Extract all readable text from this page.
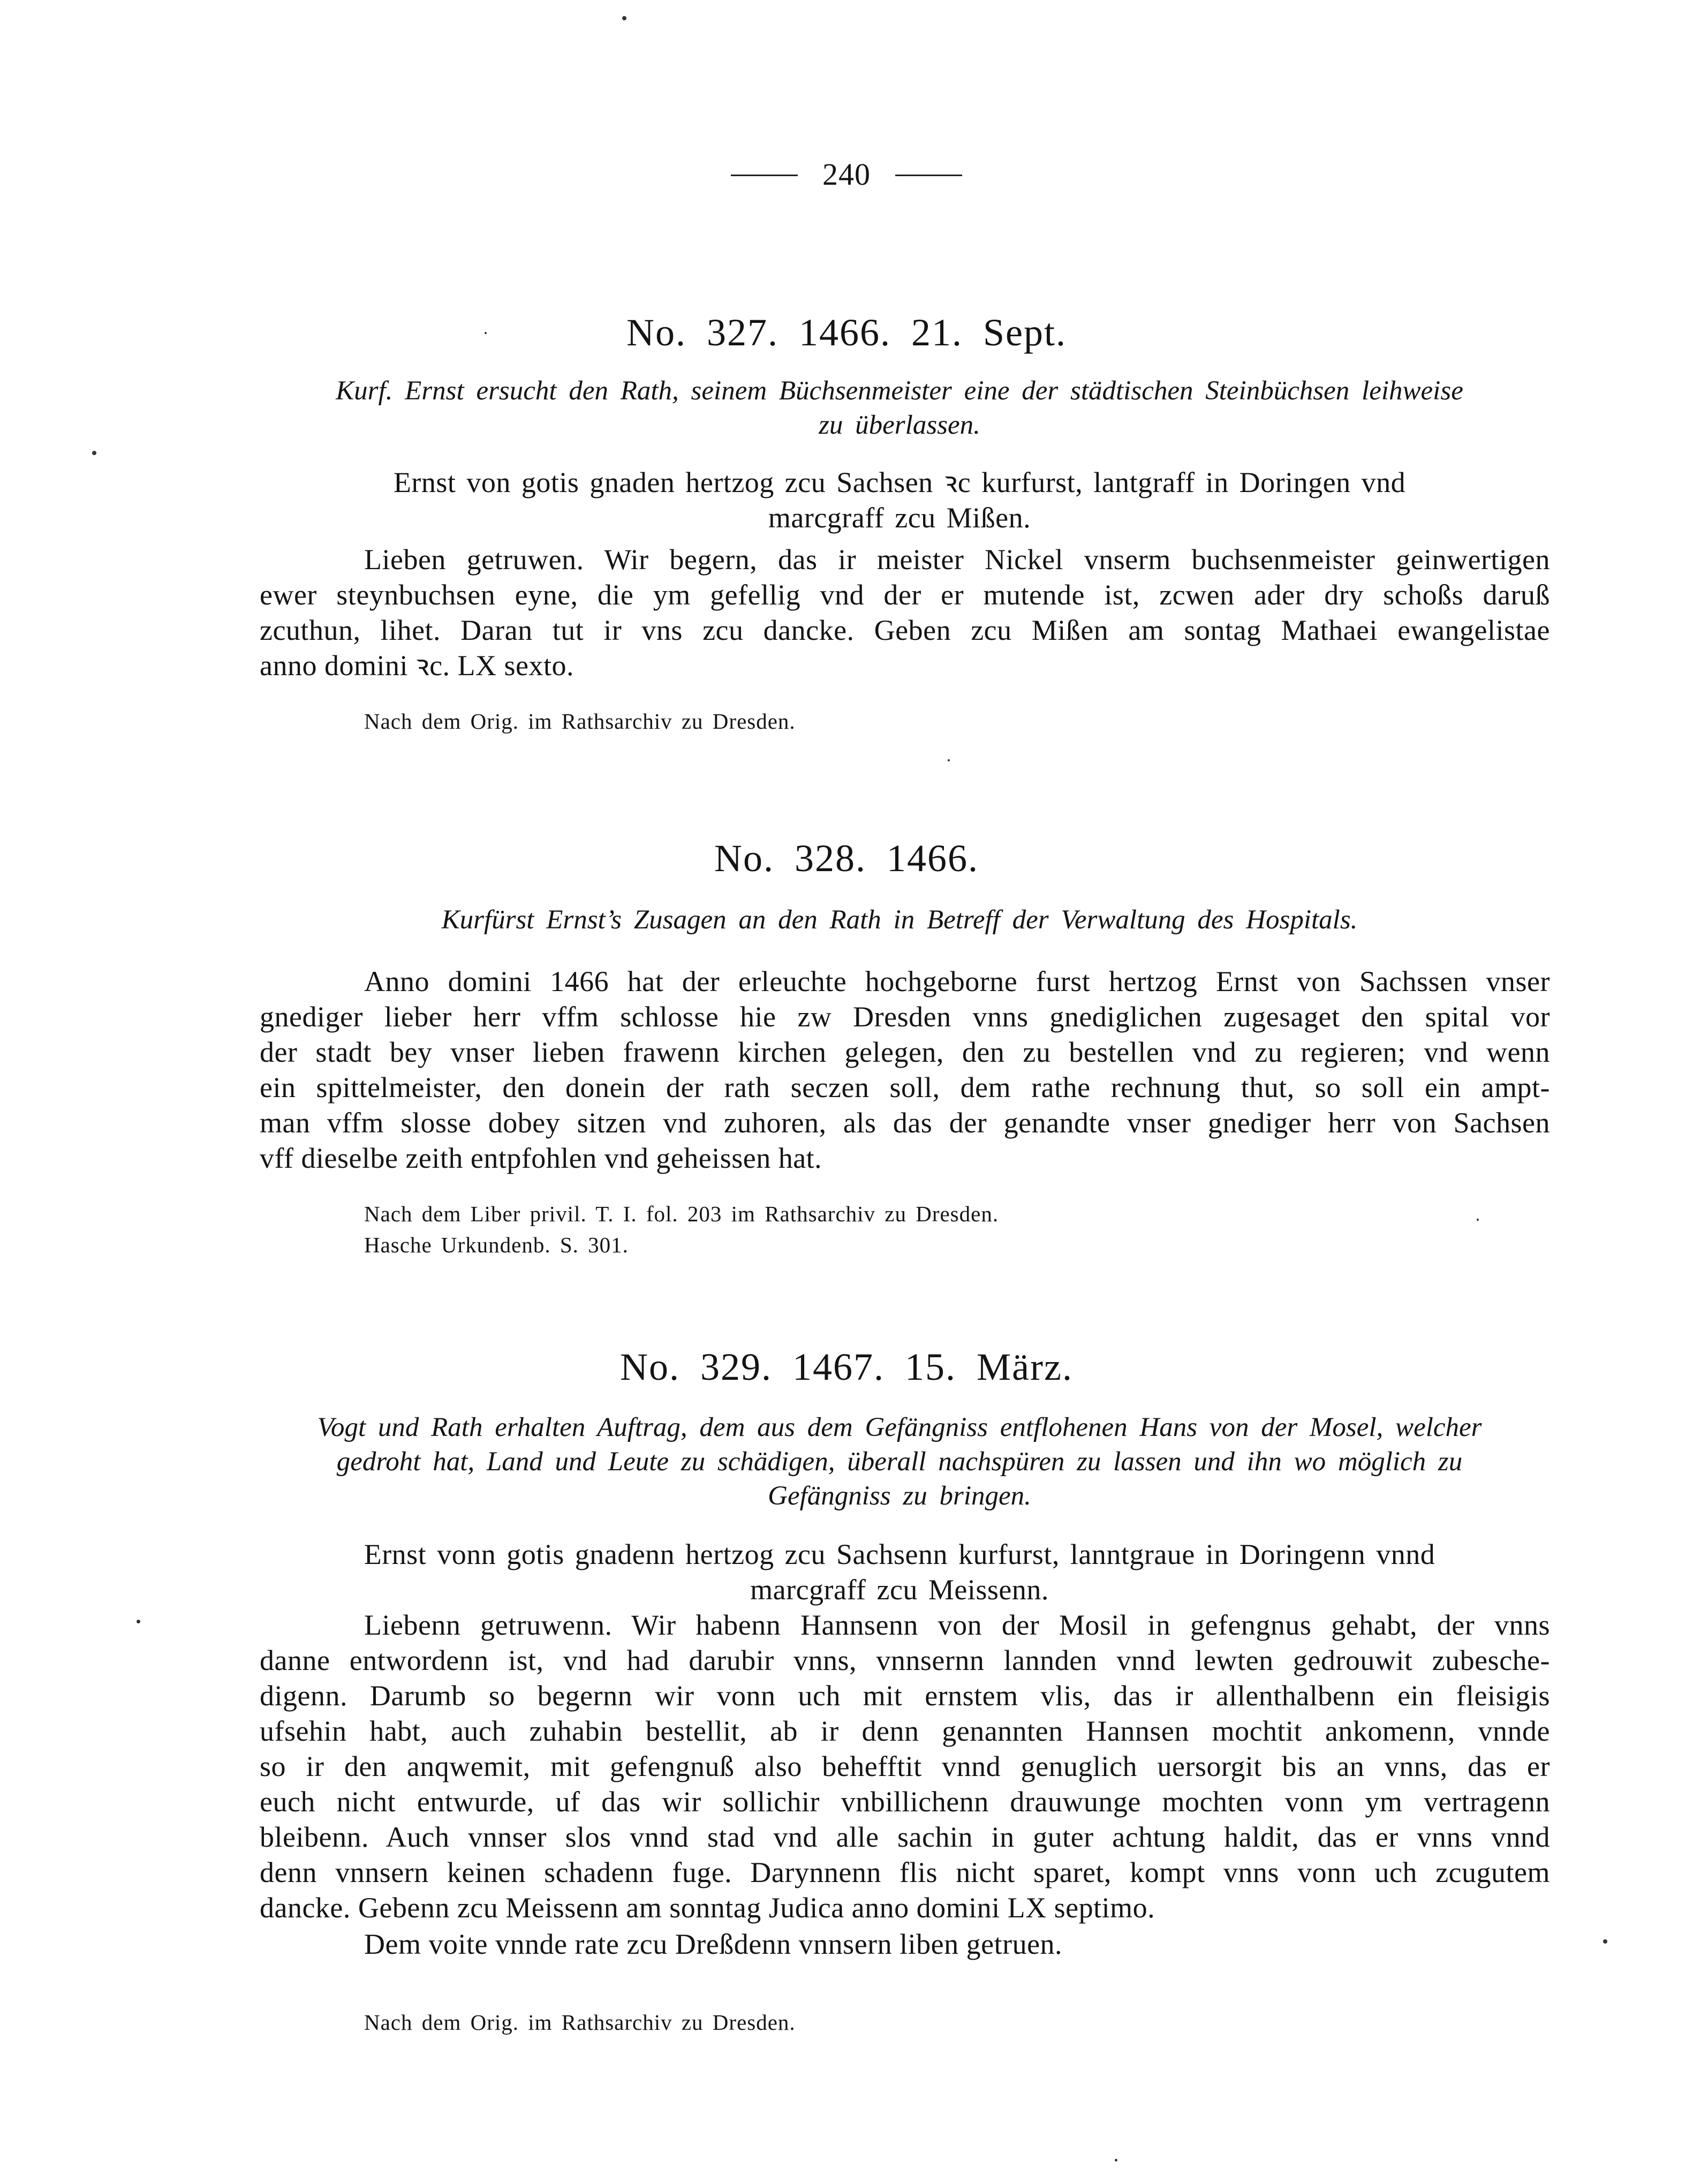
240
No. 327. 1466. 21. Sept.
Kurf. Ernst ersucht den Rath, seinem Büchsenmeister eine der städtischen Steinbüchsen leihweise
zu überlassen.
Ernst von gotis gnaden hertzog zcu Sachsen ꝛc kurfurst, lantgraff in Doringen vnd
marcgraff zcu Mißen.
Lieben getruwen. Wir begern, das ir meister Nickel vnserm buchsenmeister geinwertigen
ewer steynbuchsen eyne, die ym gefellig vnd der er mutende ist, zcwen ader dry schoßs daruß
zcuthun, lihet. Daran tut ir vns zcu dancke. Geben zcu Mißen am sontag Mathaei ewangelistae
anno domini ꝛc. LX sexto.
Nach dem Orig. im Rathsarchiv zu Dresden.
No. 328. 1466.
Kurfürst Ernst’s Zusagen an den Rath in Betreff der Verwaltung des Hospitals.
Anno domini 1466 hat der erleuchte hochgeborne furst hertzog Ernst von Sachssen vnser
gnediger lieber herr vffm schlosse hie zw Dresden vnns gnediglichen zugesaget den spital vor
der stadt bey vnser lieben frawenn kirchen gelegen, den zu bestellen vnd zu regieren; vnd wenn
ein spittelmeister, den donein der rath seczen soll, dem rathe rechnung thut, so soll ein ampt-
man vffm slosse dobey sitzen vnd zuhoren, als das der genandte vnser gnediger herr von Sachsen
vff dieselbe zeith entpfohlen vnd geheissen hat.
Nach dem Liber privil. T. I. fol. 203 im Rathsarchiv zu Dresden.
Hasche Urkundenb. S. 301.
No. 329. 1467. 15. März.
Vogt und Rath erhalten Auftrag, dem aus dem Gefängniss entflohenen Hans von der Mosel, welcher
gedroht hat, Land und Leute zu schädigen, überall nachspüren zu lassen und ihn wo möglich zu
Gefängniss zu bringen.
Ernst vonn gotis gnadenn hertzog zcu Sachsenn kurfurst, lanntgraue in Doringenn vnnd
marcgraff zcu Meissenn.
Liebenn getruwenn. Wir habenn Hannsenn von der Mosil in gefengnus gehabt, der vnns
danne entwordenn ist, vnd had darubir vnns, vnnsernn lannden vnnd lewten gedrouwit zubesche-
digenn. Darumb so begernn wir vonn uch mit ernstem vlis, das ir allenthalbenn ein fleisigis
ufsehin habt, auch zuhabin bestellit, ab ir denn genannten Hannsen mochtit ankomenn, vnnde
so ir den anqwemit, mit gefengnuß also behefftit vnnd genuglich uersorgit bis an vnns, das er
euch nicht entwurde, uf das wir sollichir vnbillichenn drauwunge mochten vonn ym vertragenn
bleibenn. Auch vnnser slos vnnd stad vnd alle sachin in guter achtung haldit, das er vnns vnnd
denn vnnsern keinen schadenn fuge. Darynnenn flis nicht sparet, kompt vnns vonn uch zcugutem
dancke. Gebenn zcu Meissenn am sonntag Judica anno domini LX septimo.
Dem voite vnnde rate zcu Dreßdenn vnnsern liben getruen.
Nach dem Orig. im Rathsarchiv zu Dresden.
